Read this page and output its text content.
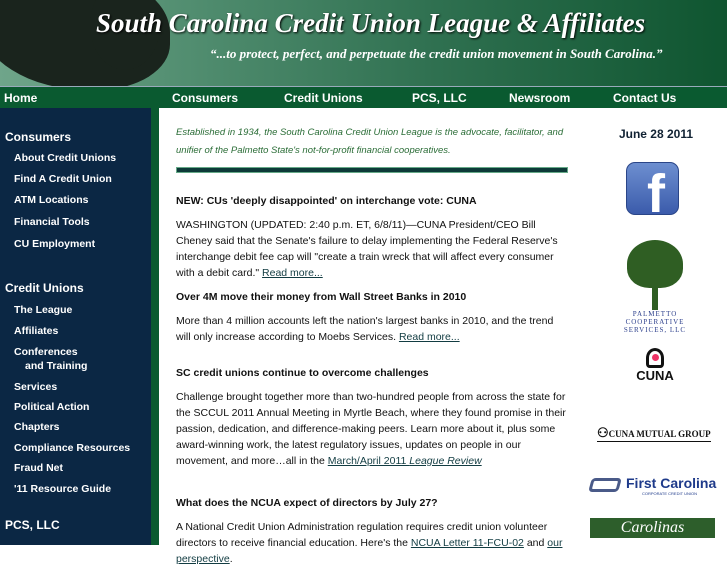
South Carolina Credit Union League & Affiliates
“...to protect, perfect, and perpetuate the credit union movement in South Carolina.”
Home	Consumers	Credit Unions	PCS, LLC	Newsroom	Contact Us
Consumers
About Credit Unions
Find A Credit Union
ATM Locations
Financial Tools
CU Employment
Credit Unions
The League
Affiliates
Conferences
and Training
Services
Political Action
Chapters
Compliance Resources
Fraud Net
'11 Resource Guide
PCS, LLC
Established in 1934, the South Carolina Credit Union League is the advocate, facilitator, and unifier of the Palmetto State's not-for-profit financial cooperatives.
NEW: CUs 'deeply disappointed' on interchange vote: CUNA

WASHINGTON (UPDATED: 2:40 p.m. ET, 6/8/11)—CUNA President/CEO Bill Cheney said that the Senate's failure to delay implementing the Federal Reserve's interchange debit fee cap will "create a train wreck that will affect every consumer with a debit card." Read more...

Over 4M move their money from Wall Street Banks in 2010

More than 4 million accounts left the nation's largest banks in 2010, and the trend will only increase according to Moebs Services. Read more...

SC credit unions continue to overcome challenges

Challenge brought together more than two-hundred people from across the state for the SCCUL 2011 Annual Meeting in Myrtle Beach, where they found promise in their passion, dedication, and difference-making peers. Learn more about it, plus some award-winning work, the latest regulatory issues, updates on people in our movement, and more…all in the March/April 2011 League Review

What does the NCUA expect of directors by July 27?

A National Credit Union Administration regulation requires credit union volunteer directors to receive financial education. Here's the NCUA Letter 11-FCU-02 and our perspective.

June 28 2011
f
PALMETTO COOPERATIVE SERVICES, LLC
CUNA
⚇CUNA MUTUAL GROUP
First Carolina
CORPORATE CREDIT UNION
Carolinas
